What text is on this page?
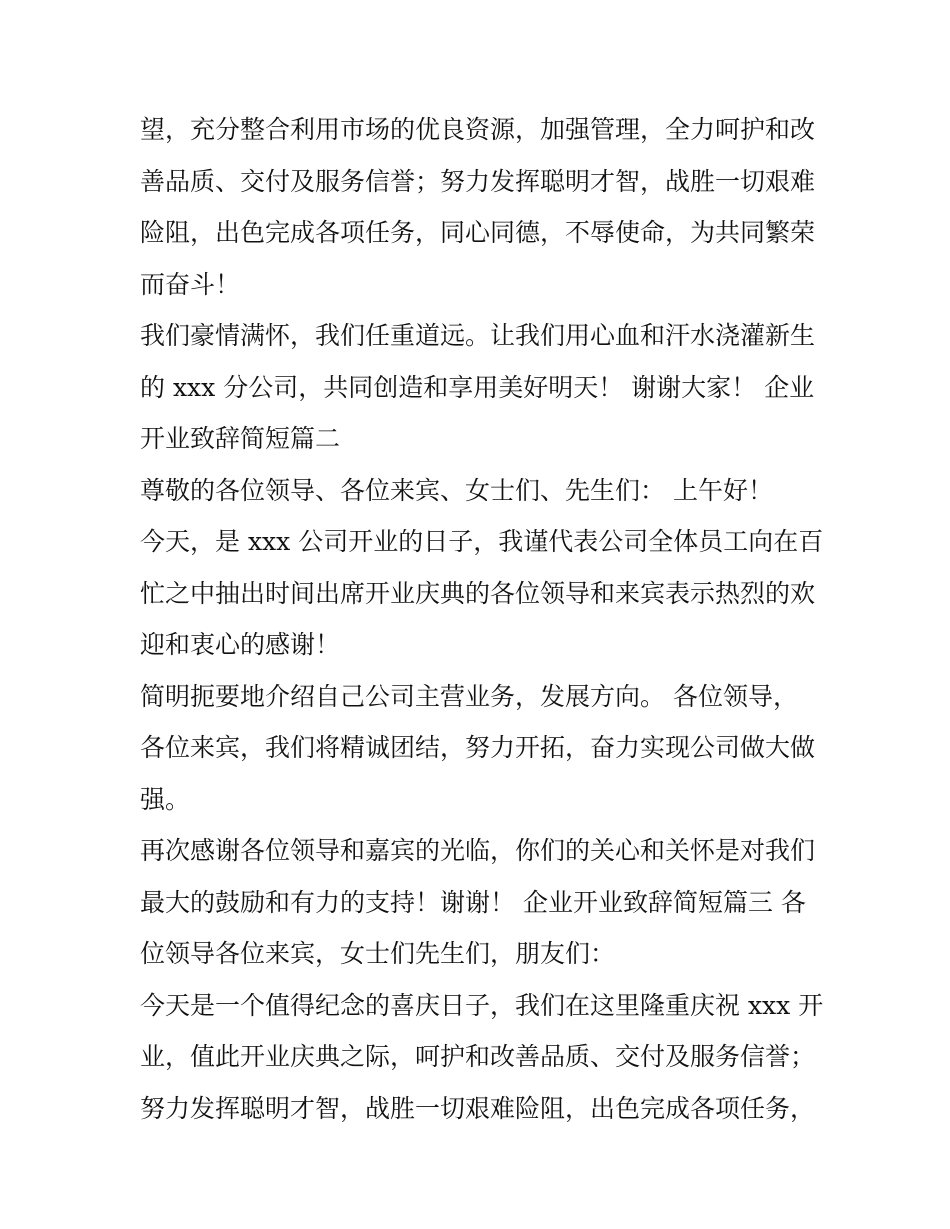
望，充分整合利用市场的优良资源，加强管理，全力呵护和改
善品质、交付及服务信誉；努力发挥聪明才智，战胜一切艰难
险阻，出色完成各项任务，同心同德，不辱使命，为共同繁荣
而奋斗！
我们豪情满怀，我们任重道远。让我们用心血和汗水浇灌新生
的 xxx 分公司，共同创造和享用美好明天！ 谢谢大家！ 企业
开业致辞简短篇二
尊敬的各位领导、各位来宾、女士们、先生们： 上午好！
今天，是 xxx 公司开业的日子，我谨代表公司全体员工向在百
忙之中抽出时间出席开业庆典的各位领导和来宾表示热烈的欢
迎和衷心的感谢！
简明扼要地介绍自己公司主营业务，发展方向。 各位领导，
各位来宾，我们将精诚团结，努力开拓，奋力实现公司做大做
强。
再次感谢各位领导和嘉宾的光临，你们的关心和关怀是对我们
最大的鼓励和有力的支持！谢谢！ 企业开业致辞简短篇三 各
位领导各位来宾，女士们先生们，朋友们：
今天是一个值得纪念的喜庆日子，我们在这里隆重庆祝 xxx 开
业，值此开业庆典之际，呵护和改善品质、交付及服务信誉；
努力发挥聪明才智，战胜一切艰难险阻，出色完成各项任务，
